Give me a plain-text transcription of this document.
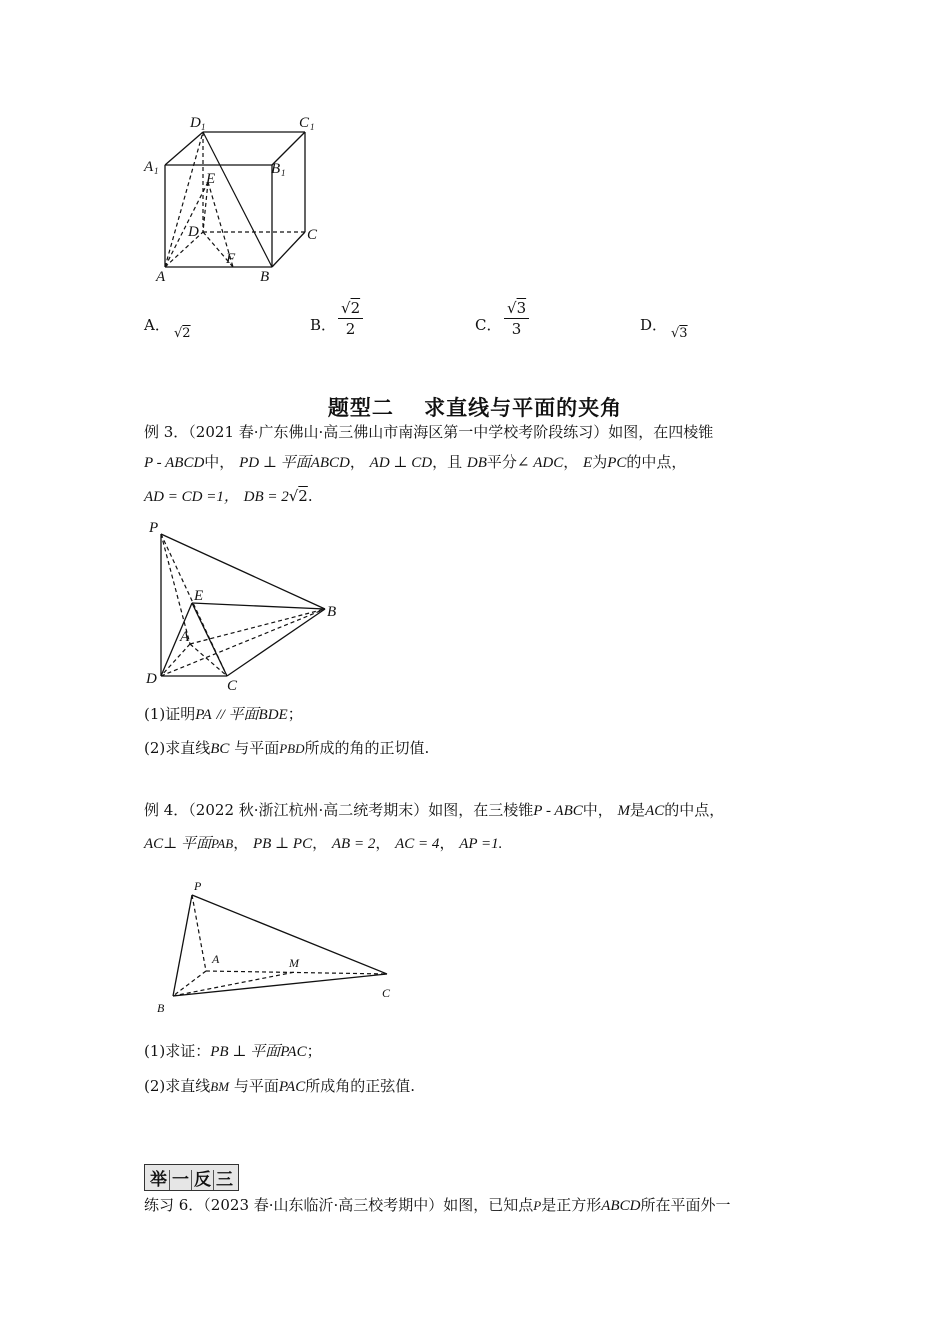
D 1	C 1
A 1	B 1
E
D	C
A
F
B
A． √2	B．
√2
2	C．
√3
3	D． √3
题型二　 求直线与平面的夹角
例 3．（2021 春·广东佛山·高三佛山市南海区第一中学校考阶段练习）如图，在四棱锥
P - ABCD中， PD ⊥ 平面ABCD， AD ⊥ CD，且 DB平分∠ ADC， E为PC的中点，
AD = CD =1， DB = 2√2.
P
E
B
A
D	C
(1)证明PA // 平面BDE；
(2)求直线BC 与平面PBD所成的角的正切值.
例 4．（2022 秋·浙江杭州·高二统考期末）如图，在三棱锥P - ABC中， M是AC的中点，
AC⊥ 平面PAB， PB ⊥ PC， AB = 2， AC = 4， AP =1.
P
A	M
B
C
(1)求证：PB ⊥ 平面PAC；
(2)求直线BM 与平面PAC所成角的正弦值.
举 一 反 三
练习 6．（2023 春·山东临沂·高三校考期中）如图，已知点P是正方形ABCD所在平面外一
